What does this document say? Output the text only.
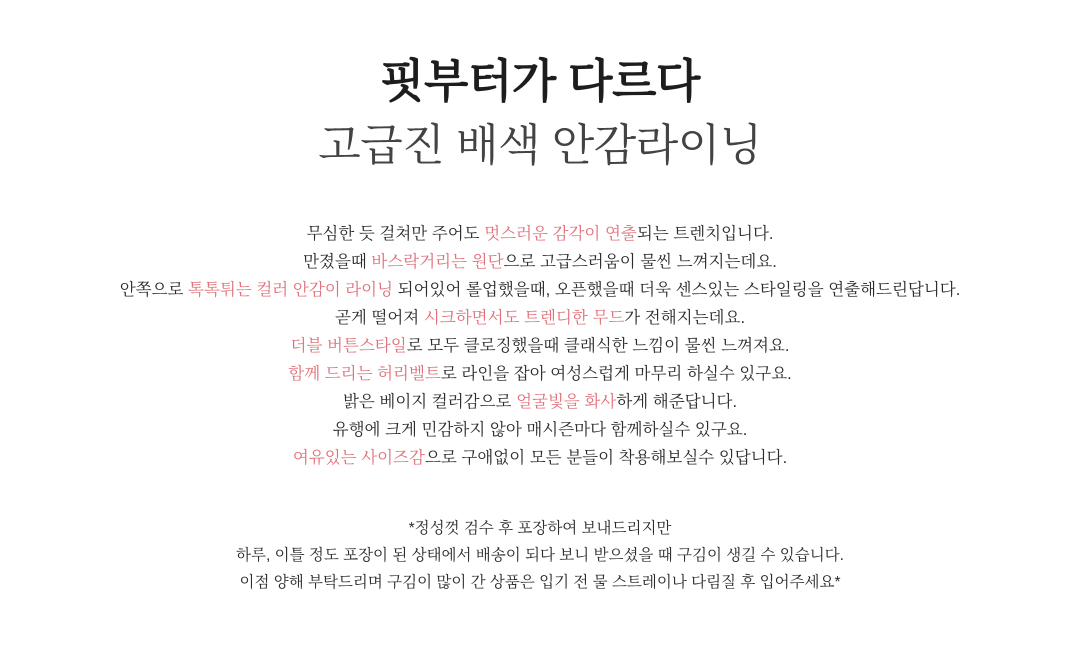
핏부터가 다르다
고급진 배색 안감라이닝
무심한 듯 걸쳐만 주어도 멋스러운 감각이 연출되는 트렌치입니다.
만졌을때 바스락거리는 원단으로 고급스러움이 물씬 느껴지는데요.
안쪽으로 톡톡튀는 컬러 안감이 라이닝 되어있어 롤업했을때, 오픈했을때 더욱 센스있는 스타일링을 연출해드린답니다.
곧게 떨어져 시크하면서도 트렌디한 무드가 전해지는데요.
더블 버튼스타일로 모두 클로징했을때 클래식한 느낌이 물씬 느껴져요.
함께 드리는 허리벨트로 라인을 잡아 여성스럽게 마무리 하실수 있구요.
밝은 베이지 컬러감으로 얼굴빛을 화사하게 해준답니다.
유행에 크게 민감하지 않아 매시즌마다 함께하실수 있구요.
여유있는 사이즈감으로 구애없이 모든 분들이 착용해보실수 있답니다.
*정성껏 검수 후 포장하여 보내드리지만
하루, 이틀 정도 포장이 된 상태에서 배송이 되다 보니 받으셨을 때 구김이 생길 수 있습니다.
이점 양해 부탁드리며 구김이 많이 간 상품은 입기 전 물 스트레이나 다림질 후 입어주세요*
